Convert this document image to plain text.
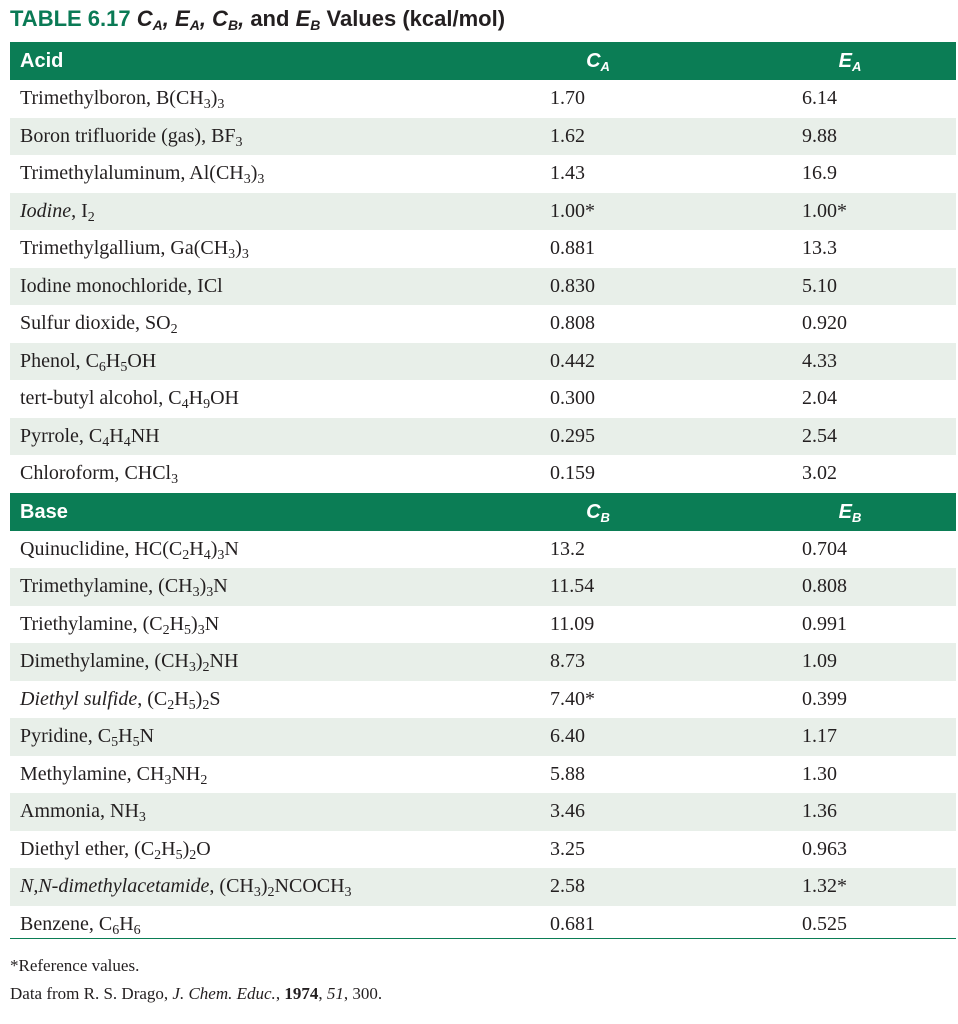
TABLE 6.17 $C_A$, $E_A$, $C_B$, and $E_B$ Values (kcal/mol)
Acid	$C_A$	$E_A$
Trimethylboron, $B(CH_3)_3$	1.70	6.14
Boron trifluoride (gas), $BF_3$	1.62	9.88
Trimethylaluminum, $Al(CH_3)_3$	1.43	16.9
Iodine, $I_2$	1.00*	1.00*
Trimethylgallium, $Ga(CH_3)_3$	0.881	13.3
Iodine monochloride, ICl	0.830	5.10
Sulfur dioxide, $SO_2$	0.808	0.920
Phenol, $C_6H_5OH$	0.442	4.33
tert-butyl alcohol, $C_4H_9OH$	0.300	2.04
Pyrrole, $C_4H_4NH$	0.295	2.54
Chloroform, CHCl$_3$	0.159	3.02
Base	$C_B$	$E_B$
Quinuclidine, $HC(C_2H_4)_3N$	13.2	0.704
Trimethylamine, $(CH_3)_3N$	11.54	0.808
Triethylamine, $(C_2H_5)_3N$	11.09	0.991
Dimethylamine, $(CH_3)_2NH$	8.73	1.09
Diethyl sulfide, $(C_2H_5)_2S$	7.40*	0.399
Pyridine, $C_5H_5N$	6.40	1.17
Methylamine, $CH_3NH_2$	5.88	1.30
Ammonia, $NH_3$	3.46	1.36
Diethyl ether, $(C_2H_5)_2O$	3.25	0.963
N,N-dimethylacetamide, $(CH_3)_2NCOCH_3$	2.58	1.32*
Benzene, $C_6H_6$	0.681	0.525
*Reference values.
Data from R. S. Drago, J. Chem. Educ., 1974, 51, 300.
